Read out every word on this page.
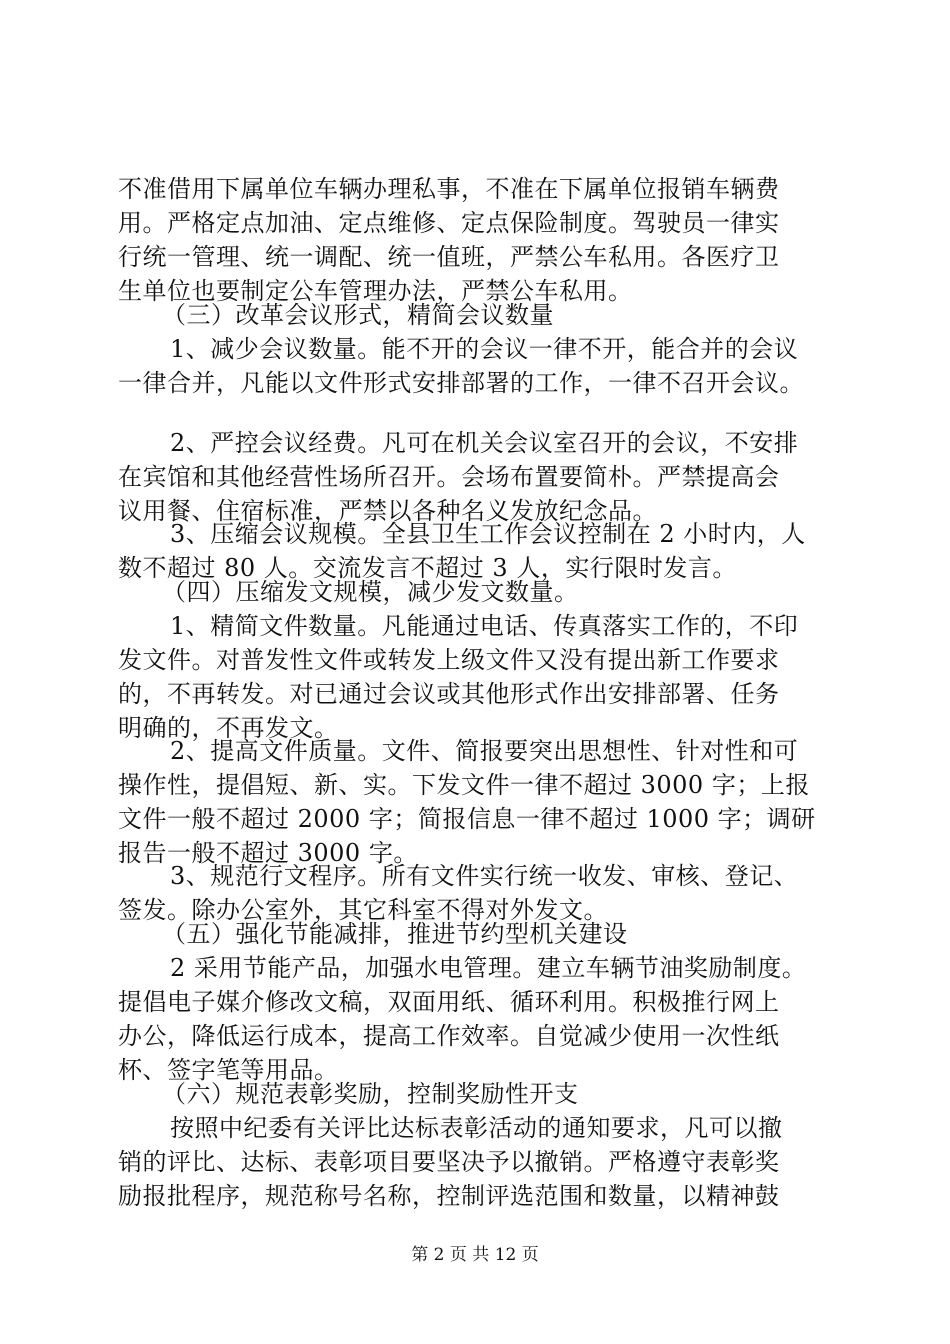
不准借用下属单位车辆办理私事，不准在下属单位报销车辆费
用。严格定点加油、定点维修、定点保险制度。驾驶员一律实
行统一管理、统一调配、统一值班，严禁公车私用。各医疗卫
生单位也要制定公车管理办法，严禁公车私用。
（三）改革会议形式，精简会议数量
1、减少会议数量。能不开的会议一律不开，能合并的会议
一律合并，凡能以文件形式安排部署的工作，一律不召开会议。
2、严控会议经费。凡可在机关会议室召开的会议，不安排
在宾馆和其他经营性场所召开。会场布置要简朴。严禁提高会
议用餐、住宿标准，严禁以各种名义发放纪念品。
3、压缩会议规模。全县卫生工作会议控制在 2 小时内，人
数不超过 80 人。交流发言不超过 3 人，实行限时发言。
（四）压缩发文规模，减少发文数量。
1、精简文件数量。凡能通过电话、传真落实工作的，不印
发文件。对普发性文件或转发上级文件又没有提出新工作要求
的，不再转发。对已通过会议或其他形式作出安排部署、任务
明确的，不再发文。
2、提高文件质量。文件、简报要突出思想性、针对性和可
操作性，提倡短、新、实。下发文件一律不超过 3000 字；上报
文件一般不超过 2000 字；简报信息一律不超过 1000 字；调研
报告一般不超过 3000 字。
3、规范行文程序。所有文件实行统一收发、审核、登记、
签发。除办公室外，其它科室不得对外发文。
（五）强化节能减排，推进节约型机关建设
2 采用节能产品，加强水电管理。建立车辆节油奖励制度。
提倡电子媒介修改文稿，双面用纸、循环利用。积极推行网上
办公，降低运行成本，提高工作效率。自觉减少使用一次性纸
杯、签字笔等用品。
（六）规范表彰奖励，控制奖励性开支
按照中纪委有关评比达标表彰活动的通知要求，凡可以撤
销的评比、达标、表彰项目要坚决予以撤销。严格遵守表彰奖
励报批程序，规范称号名称，控制评选范围和数量，以精神鼓
第 2 页 共 12 页
